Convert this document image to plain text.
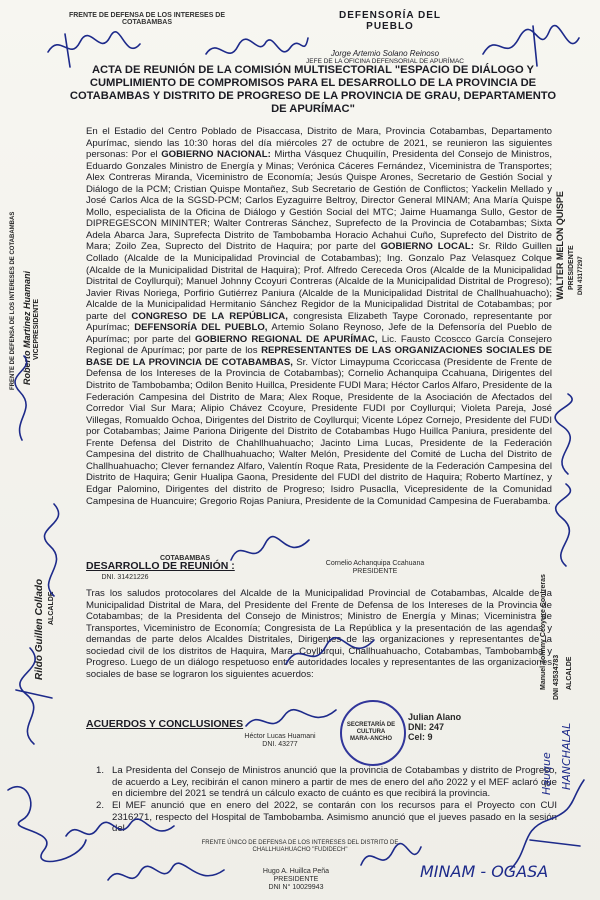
FRENTE DE DEFENSA DE LOS INTERESES DE COTABAMBAS
DEFENSORÍA DEL PUEBLO
Jorge Artemio Solano Reinoso
JEFE DE LA OFICINA DEFENSORIAL DE APURÍMAC
ACTA DE REUNIÓN DE LA COMISIÓN MULTISECTORIAL "ESPACIO DE DIÁLOGO Y CUMPLIMIENTO DE COMPROMISOS PARA EL DESARROLLO DE LA PROVINCIA DE COTABAMBAS Y DISTRITO DE PROGRESO DE LA PROVINCIA DE GRAU, DEPARTAMENTO DE APURÍMAC"
En el Estadio del Centro Poblado de Pisaccasa, Distrito de Mara, Provincia Cotabambas, Departamento Apurímac, siendo las 10:30 horas del día miércoles 27 de octubre de 2021, se reunieron las siguientes personas: Por el GOBIERNO NACIONAL: Mirtha Vásquez Chuquilín, Presidenta del Consejo de Ministros, Eduardo Gonzales Ministro de Energía y Minas; Verónica Cáceres Fernández, Viceministra de Transportes; Alex Contreras Miranda, Viceministro de Economía; Jesús Quispe Arones, Secretario de Gestión Social y Diálogo de la PCM; Cristian Quispe Montañez, Sub Secretario de Gestión de Conflictos; Yackelin Mellado y José Carlos Alca de la SGSD-PCM; Carlos Eyzaguirre Beltroy, Director General MINAM; Ana María Quispe Mollo, especialista de la Oficina de Diálogo y Gestión Social del MTC; Jaime Huamanga Sullo, Gestor de DIPREGESCON MININTER; Walter Contreras Sánchez, Suprefecto de la Provincia de Cotabambas; Sixta Adela Abarca Jara, Suprefecta Distrito de Tambobamba Horacio Achahui Cuño, Suprefecto del Distrito de Mara; Zoilo Zea, Suprecto del Distrito de Haquira; por parte del GOBIERNO LOCAL: Sr. Rildo Guillen Collado (Alcalde de la Municipalidad Provincial de Cotabambas); Ing. Gonzalo Paz Velasquez Colque (Alcalde de la Municipalidad Distrital de Haquira); Prof. Alfredo Cereceda Oros (Alcalde de la Municipalidad Distrital de Coyllurqui); Manuel Johnny Ccoyuri Contreras (Alcalde de la Municipalidad Distrital de Progreso); Javier Rivas Noriega, Porfirio Gutiérrez Paniura (Alcalde de la Municipalidad Distrital de Challhuahuacho); Alcalde de la Municipalidad Hermitanio Sánchez Regidor de la Municipalidad Distrital de Cotabambas; por parte del CONGRESO DE LA REPÚBLICA, congresista Elizabeth Taype Coronado, representante por Apurímac; DEFENSORÍA DEL PUEBLO, Artemio Solano Reynoso, Jefe de la Defensoría del Pueblo de Apurímac; por parte del GOBIERNO REGIONAL DE APURÍMAC, Lic. Fausto Ccoscco García Consejero Regional de Apurímac; por parte de los REPRESENTANTES DE LAS ORGANIZACIONES SOCIALES DE BASE DE LA PROVINCIA DE COTABAMBAS, Sr. Víctor Limaypuma Ccoriccasa (Presidente de Frente de Defensa de los Intereses de la Provincia de Cotabambas); Cornelio Achanquipa Ccahuana, Dirigentes del Distrito de Tambobamba; Odilon Benito Huillca, Presidente FUDI Mara; Héctor Carlos Alfaro, Presidente de la Federación Campesina del Distrito de Mara; Alex Roque, Presidente de la Asociación de Afectados del Corredor Vial Sur Mara; Alipio Chávez Ccoyure, Presidente FUDI por Coyllurqui; Violeta Pareja, José Villegas, Romualdo Ochoa, Dirigentes del Distrito de Coyllurqui; Vicente López Cornejo, Presidente del FUDI por Cotabambas; Jaime Pariona Dirigente del Distrito de Cotabambas Hugo Huillca Paniura, presidente del Frente Defensa del Distrito de Chahllhuahuacho; Jacinto Lima Lucas, Presidente de la Federación Campesina del distrito de Challhuahuacho; Walter Melón, Presidente del Comité de Lucha del Distrito de Challhuahuacho; Clever fernandez Alfaro, Valentín Roque Rata, Presidente de la Federación Campesina del Distrito de Haquira; Genir Hualipa Gaona, Presidente del FUDI del distrito de Haquira; Roberto Martínez, y Edgar Palomino, Dirigentes del distrito de Progreso; Isidro Pusaclla, Vicepresidente de la Comunidad Campesina de Huancuire; Gregorio Rojas Paniura, Presidente de la Comunidad Campesina de Fuerabamba.
DESARROLLO DE REUNIÓN :
DNI. 31421226
Tras los saludos protocolares del Alcalde de la Municipalidad Provincial de Cotabambas, Alcalde de la Municipalidad Distrital de Mara, del Presidente del Frente de Defensa de los Intereses de la Provincia de Cotabambas; de la Presidenta del Consejo de Ministros; Ministro de Energía y Minas; Viceministra de Transportes, Viceministro de Economía; Congresista de La República y la presentación de las agendas y demandas de parte delos Alcaldes Distritales, Dirigentes de las organizaciones y representantes de la sociedad civil de los distritos de Haquira, Mara, Coyllurqui, Challhuahuacho, Cotabambas, Tambobamba y Progreso. Luego de un diálogo respetuoso entre autoridades locales y representantes de las organizaciones sociales de base se lograron los siguientes acuerdos:
ACUERDOS Y CONCLUSIONES
1. La Presidenta del Consejo de Ministros anunció que la provincia de Cotabambas y distrito de Progreso, de acuerdo a Ley, recibirán el canon minero a partir de mes de enero del año 2022 y el MEF aclaró que en diciembre del 2021 se tendrá un cálculo exacto de cuánto es que recibirá la provincia.
2. El MEF anunció que en enero del 2022, se contarán con los recursos para el Proyecto con CUI 2316271, respecto del Hospital de Tambobamba. Asimismo anunció que el jueves pasado en la sesión del
COTABAMBAS
Cornelio Achanquipa Ccahuana
PRESIDENTE
Héctor Lucas Huamani
DNI. 43277
SECRETARÍA DE CULTURA
MARA-ANCHO
Julian Alano
DNI: 247
Cel: 9
FRENTE ÚNICO DE DEFENSA DE LOS INTERESES DEL DISTRITO DE CHALLHUAHUACHO "FUDIDECH"
Hugo A. Huillca Peña
PRESIDENTE
DNI N° 10029943
MINAM - OGASA
FRENTE DE DEFENSA DE LOS INTERESES DE COTABAMBAS Roberto Martinez Huamani VICEPRESIDENTE
Rildo Guillen Collado ALCALDE
WALTER MELON QUISPE PRESIDENTE DNI 43177297
Manuel Johnny Ccoyure Contreras DNI 43534783 ALCALDE
HANCHALAL
Hauque
